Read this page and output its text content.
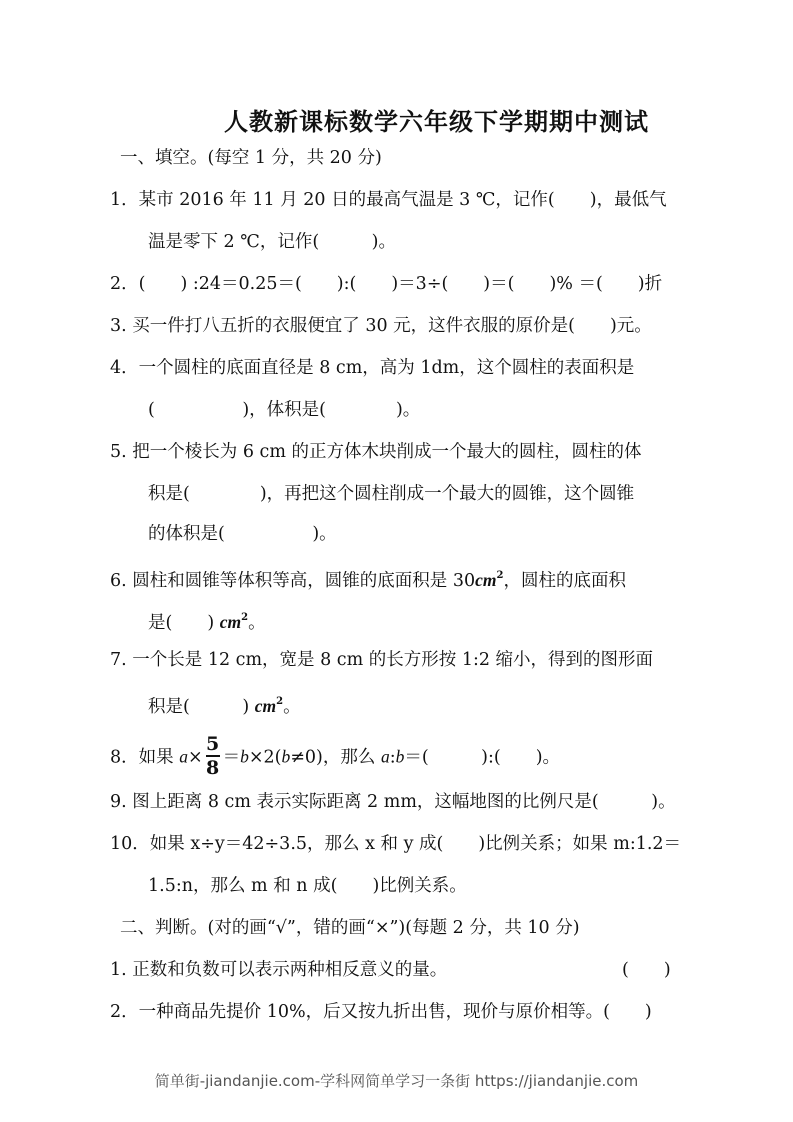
人教新课标数学六年级下学期期中测试
一、填空。(每空 1 分，共 20 分)
1．某市 2016 年 11 月 20 日的最高气温是 3 ℃，记作(　　)，最低气
温是零下 2 ℃，记作(　　　)。
2．(　　) :24＝0.25＝(　　):(　　)＝3÷(　　)＝(　　)% ＝(　　)折
3. 买一件打八五折的衣服便宜了 30 元，这件衣服的原价是(　　)元。
4．一个圆柱的底面直径是 8 cm，高为 1dm，这个圆柱的表面积是
(　　　　　)，体积是(　　　　)。
5. 把一个棱长为 6 cm 的正方体木块削成一个最大的圆柱，圆柱的体
积是(　　　　)，再把这个圆柱削成一个最大的圆锥，这个圆锥
的体积是(　　　　　)。
6. 圆柱和圆锥等体积等高，圆锥的底面积是 $30cm^2$，圆柱的底面积
是(　　) $cm^2$。
7. 一个长是 12 cm，宽是 8 cm 的长方形按 1:2 缩小，得到的图形面
积是(　　　) $cm^2$。
8．如果 $a\times \frac{5}{8} =b\times 2(b\ne 0)$，那么 a:b＝(　　　):(　　)。
9. 图上距离 8 cm 表示实际距离 2 mm，这幅地图的比例尺是(　　　)。
10．如果 x÷y＝42÷3.5，那么 x 和 y 成(　　)比例关系；如果 m:1.2＝
1.5:n，那么 m 和 n 成(　　)比例关系。
二、判断。(对的画“√”，错的画“×”)(每题 2 分，共 10 分)
1. 正数和负数可以表示两种相反意义的量。	(　　)
2．一种商品先提价 10%，后又按九折出售，现价与原价相等。(　　)
简单街-jiandanjie.com-学科网简单学习一条街 https://jiandanjie.com
